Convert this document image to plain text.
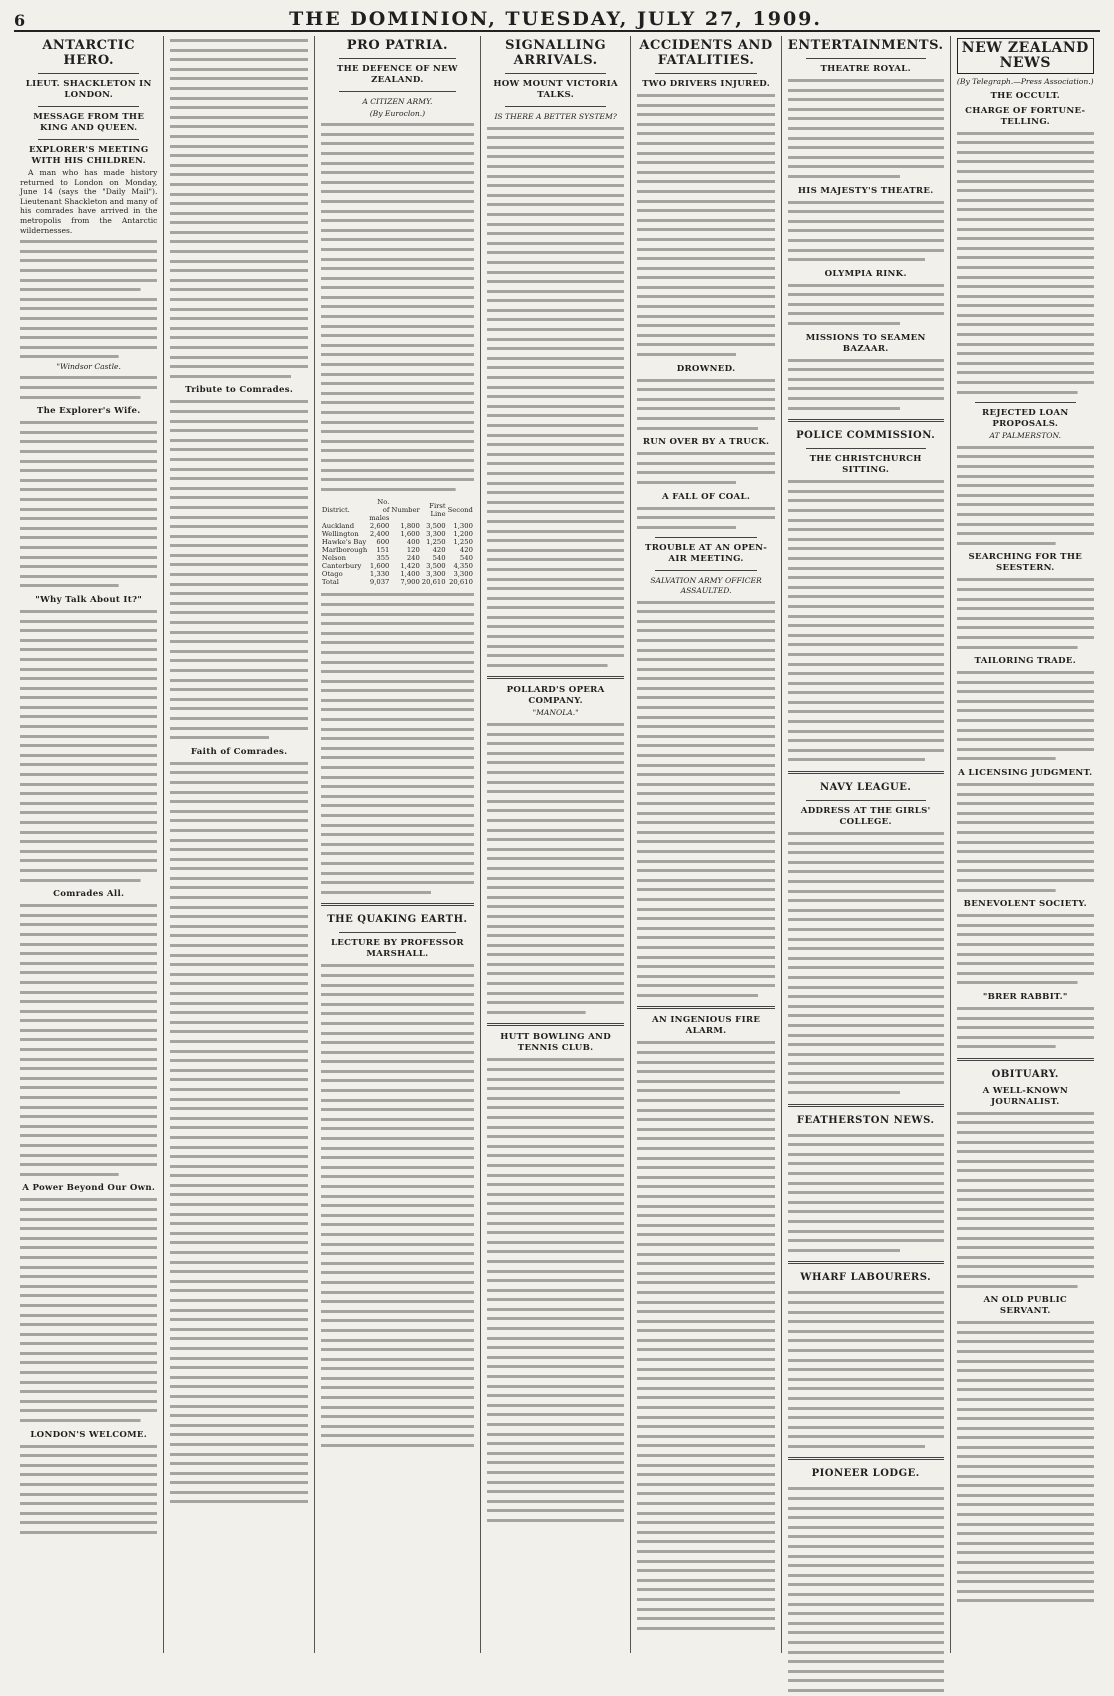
6	THE DOMINION, TUESDAY, JULY 27, 1909.
ANTARCTIC HERO.
LIEUT. SHACKLETON IN LONDON.
MESSAGE FROM THE KING AND QUEEN.
EXPLORER'S MEETING WITH HIS CHILDREN.

A man who has made history returned to London on Monday, June 14 (says the "Daily Mail"). Lieutenant Shackleton and many of his comrades have arrived in the metropolis from the Antarctic wildernesses.

"Windsor Castle.
The Explorer's Wife.
"Why Talk About It?"
Comrades All.
A Power Beyond Our Own.
LONDON'S WELCOME.
Tribute to Comrades.
Faith of Comrades.
PRO PATRIA.
THE DEFENCE OF NEW ZEALAND.
A CITIZEN ARMY.
(By Euroclon.)
District.	No. of males	Number	First Line	Second
Auckland	2,600	1,800	3,500	1,300
Wellington	2,400	1,600	3,300	1,200
Hawke's Bay	600	400	1,250	1,250
Marlborough	151	120	420	420
Nelson	355	240	540	540
Canterbury	1,600	1,420	3,500	4,350
Otago	1,330	1,400	3,300	3,300
Total	9,037	7,900	20,610	20,610
THE QUAKING EARTH.
LECTURE BY PROFESSOR MARSHALL.
SIGNALLING ARRIVALS.
HOW MOUNT VICTORIA TALKS.
IS THERE A BETTER SYSTEM?
POLLARD'S OPERA COMPANY.
"MANOLA."
HUTT BOWLING AND TENNIS CLUB.
ACCIDENTS AND FATALITIES.
TWO DRIVERS INJURED.
DROWNED.
RUN OVER BY A TRUCK.
A FALL OF COAL.
TROUBLE AT AN OPEN-AIR MEETING.
SALVATION ARMY OFFICER ASSAULTED.
AN INGENIOUS FIRE ALARM.
ENTERTAINMENTS.
THEATRE ROYAL.
HIS MAJESTY'S THEATRE.
OLYMPIA RINK.
MISSIONS TO SEAMEN BAZAAR.
POLICE COMMISSION.
THE CHRISTCHURCH SITTING.
NAVY LEAGUE.
ADDRESS AT THE GIRLS' COLLEGE.
FEATHERSTON NEWS.
WHARF LABOURERS.
PIONEER LODGE.
NEW ZEALAND NEWS
(By Telegraph.—Press Association.)
THE OCCULT.
CHARGE OF FORTUNE-TELLING.
REJECTED LOAN PROPOSALS.
AT PALMERSTON.
SEARCHING FOR THE SEESTERN.
TAILORING TRADE.
A LICENSING JUDGMENT.
BENEVOLENT SOCIETY.
"BRER RABBIT."
OBITUARY.
A WELL-KNOWN JOURNALIST.
AN OLD PUBLIC SERVANT.
